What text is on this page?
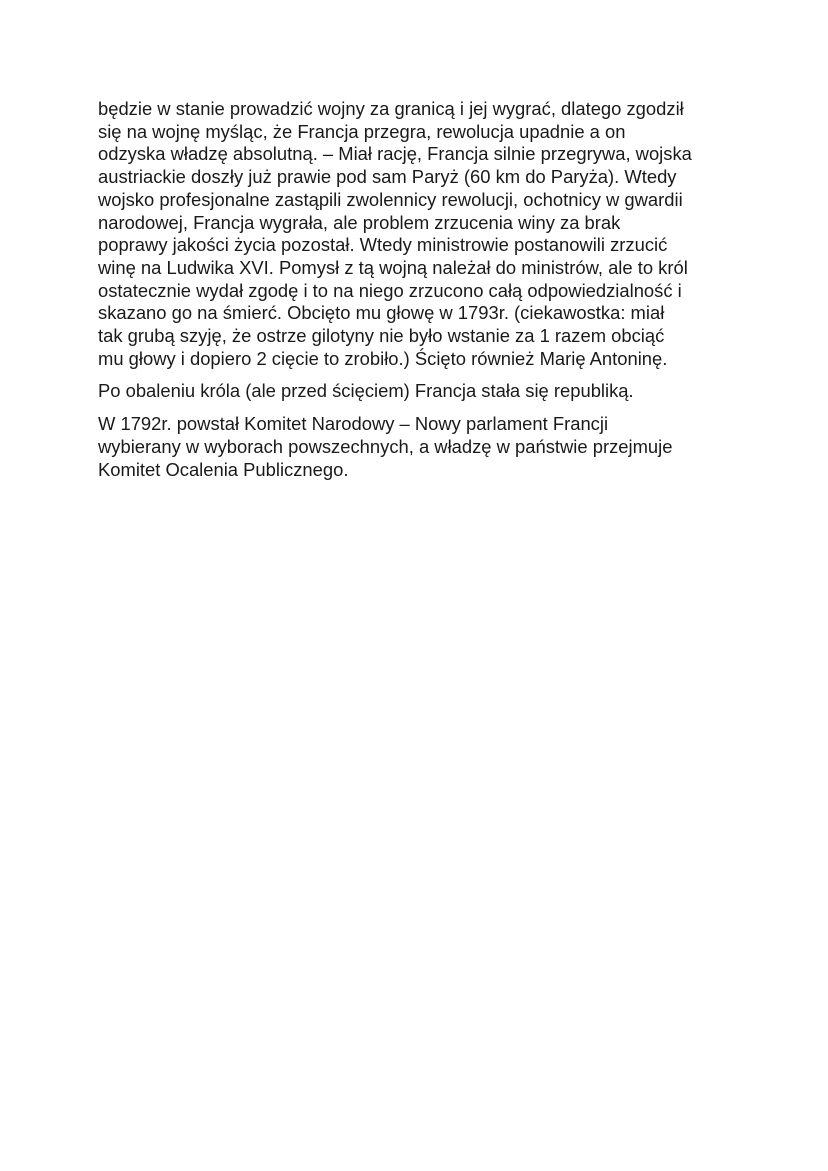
będzie w stanie prowadzić wojny za granicą i jej wygrać, dlatego zgodził
się na wojnę myśląc, że Francja przegra, rewolucja upadnie a on
odzyska władzę absolutną. – Miał rację, Francja silnie przegrywa, wojska
austriackie doszły już prawie pod sam Paryż (60 km do Paryża). Wtedy
wojsko profesjonalne zastąpili zwolennicy rewolucji, ochotnicy w gwardii
narodowej, Francja wygrała, ale problem zrzucenia winy za brak
poprawy jakości życia pozostał. Wtedy ministrowie postanowili zrzucić
winę na Ludwika XVI. Pomysł z tą wojną należał do ministrów, ale to król
ostatecznie wydał zgodę i to na niego zrzucono całą odpowiedzialność i
skazano go na śmierć. Obcięto mu głowę w 1793r. (ciekawostka: miał
tak grubą szyję, że ostrze gilotyny nie było wstanie za 1 razem obciąć
mu głowy i dopiero 2 cięcie to zrobiło.) Ścięto również Marię Antoninę.

Po obaleniu króla (ale przed ścięciem) Francja stała się republiką.

W 1792r. powstał Komitet Narodowy – Nowy parlament Francji
wybierany w wyborach powszechnych, a władzę w państwie przejmuje
Komitet Ocalenia Publicznego.
